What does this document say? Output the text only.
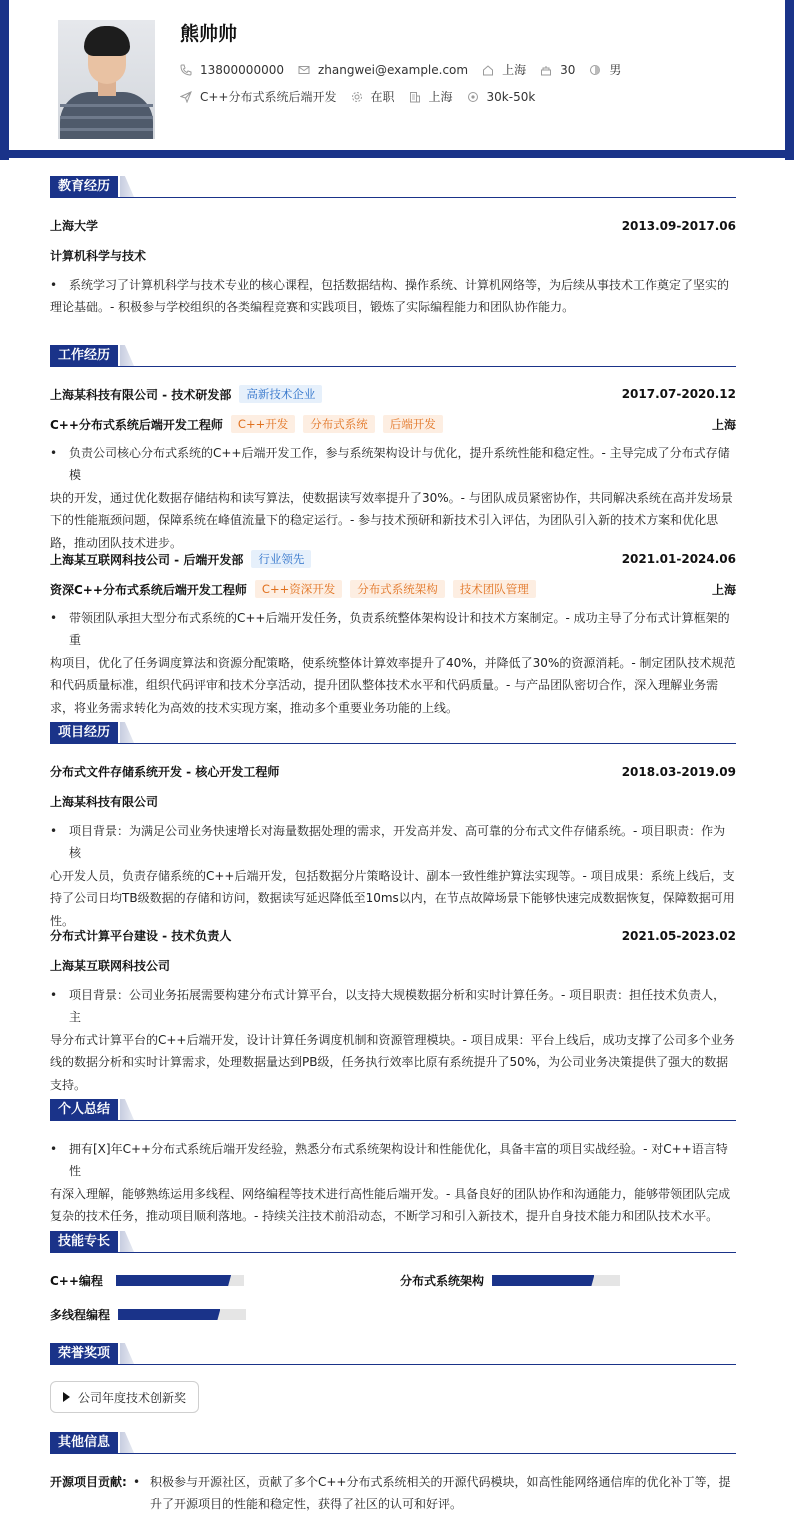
熊帅帅
13800000000	zhangwei@example.com	上海	30	男
C++分布式系统后端开发	在职	上海	30k-50k
教育经历
上海大学	2013.09-2017.06
计算机科学与技术
• 系统学习了计算机科学与技术专业的核心课程，包括数据结构、操作系统、计算机网络等，为后续从事技术工作奠定了坚实的
理论基础。- 积极参与学校组织的各类编程竞赛和实践项目，锻炼了实际编程能力和团队协作能力。
工作经历
上海某科技有限公司 - 技术研发部	高新技术企业	2017.07-2020.12
C++分布式系统后端开发工程师	C++开发	分布式系统	后端开发	上海
• 负责公司核心分布式系统的C++后端开发工作，参与系统架构设计与优化，提升系统性能和稳定性。- 主导完成了分布式存储模
块的开发，通过优化数据存储结构和读写算法，使数据读写效率提升了30%。- 与团队成员紧密协作，共同解决系统在高并发场景
下的性能瓶颈问题，保障系统在峰值流量下的稳定运行。- 参与技术预研和新技术引入评估，为团队引入新的技术方案和优化思
路，推动团队技术进步。
上海某互联网科技公司 - 后端开发部	行业领先	2021.01-2024.06
资深C++分布式系统后端开发工程师	C++资深开发	分布式系统架构	技术团队管理	上海
• 带领团队承担大型分布式系统的C++后端开发任务，负责系统整体架构设计和技术方案制定。- 成功主导了分布式计算框架的重
构项目，优化了任务调度算法和资源分配策略，使系统整体计算效率提升了40%，并降低了30%的资源消耗。- 制定团队技术规范
和代码质量标准，组织代码评审和技术分享活动，提升团队整体技术水平和代码质量。- 与产品团队密切合作，深入理解业务需
求，将业务需求转化为高效的技术实现方案，推动多个重要业务功能的上线。
项目经历
分布式文件存储系统开发 - 核心开发工程师	2018.03-2019.09
上海某科技有限公司
• 项目背景：为满足公司业务快速增长对海量数据处理的需求，开发高并发、高可靠的分布式文件存储系统。- 项目职责：作为核
心开发人员，负责存储系统的C++后端开发，包括数据分片策略设计、副本一致性维护算法实现等。- 项目成果：系统上线后，支
持了公司日均TB级数据的存储和访问，数据读写延迟降低至10ms以内，在节点故障场景下能够快速完成数据恢复，保障数据可用
性。
分布式计算平台建设 - 技术负责人	2021.05-2023.02
上海某互联网科技公司
• 项目背景：公司业务拓展需要构建分布式计算平台，以支持大规模数据分析和实时计算任务。- 项目职责：担任技术负责人，主
导分布式计算平台的C++后端开发，设计计算任务调度机制和资源管理模块。- 项目成果：平台上线后，成功支撑了公司多个业务
线的数据分析和实时计算需求，处理数据量达到PB级，任务执行效率比原有系统提升了50%，为公司业务决策提供了强大的数据
支持。
个人总结
• 拥有[X]年C++分布式系统后端开发经验，熟悉分布式系统架构设计和性能优化，具备丰富的项目实战经验。- 对C++语言特性
有深入理解，能够熟练运用多线程、网络编程等技术进行高性能后端开发。- 具备良好的团队协作和沟通能力，能够带领团队完成
复杂的技术任务，推动项目顺利落地。- 持续关注技术前沿动态，不断学习和引入新技术，提升自身技术能力和团队技术水平。
技能专长
C++编程	分布式系统架构
多线程编程
荣誉奖项
公司年度技术创新奖
其他信息
开源项目贡献: • 积极参与开源社区，贡献了多个C++分布式系统相关的开源代码模块，如高性能网络通信库的优化补丁等，提
升了开源项目的性能和稳定性，获得了社区的认可和好评。
